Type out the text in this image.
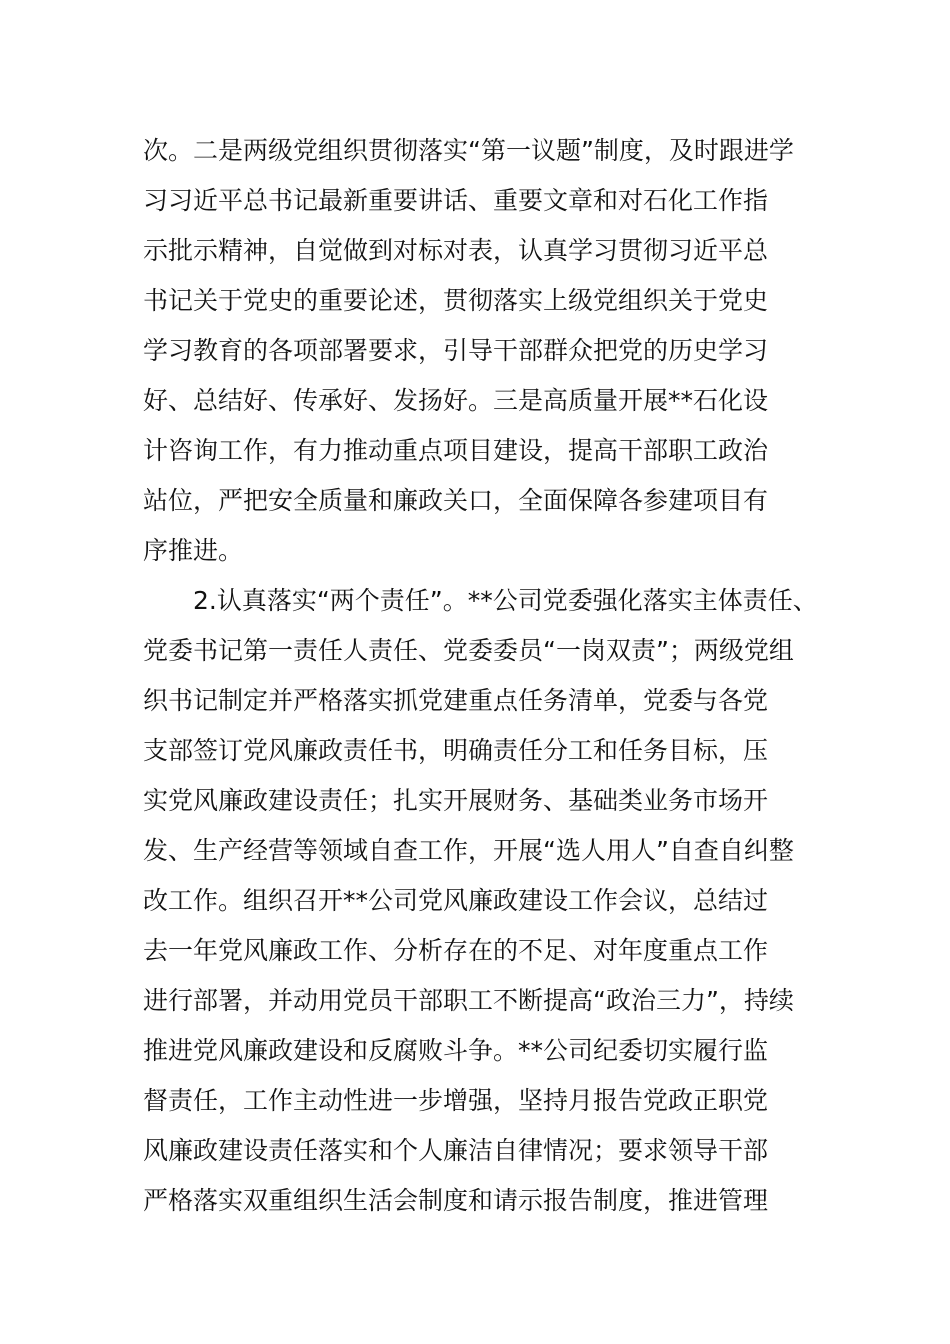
次。二是两级党组织贯彻落实“第一议题”制度，及时跟进学
习习近平总书记最新重要讲话、重要文章和对石化工作指
示批示精神，自觉做到对标对表，认真学习贯彻习近平总
书记关于党史的重要论述，贯彻落实上级党组织关于党史
学习教育的各项部署要求，引导干部群众把党的历史学习
好、总结好、传承好、发扬好。三是高质量开展**石化设
计咨询工作，有力推动重点项目建设，提高干部职工政治
站位，严把安全质量和廉政关口，全面保障各参建项目有
序推进。
　　2.认真落实“两个责任”。**公司党委强化落实主体责任、
党委书记第一责任人责任、党委委员“一岗双责”；两级党组
织书记制定并严格落实抓党建重点任务清单，党委与各党
支部签订党风廉政责任书，明确责任分工和任务目标，压
实党风廉政建设责任；扎实开展财务、基础类业务市场开
发、生产经营等领域自查工作，开展“选人用人”自查自纠整
改工作。组织召开**公司党风廉政建设工作会议，总结过
去一年党风廉政工作、分析存在的不足、对年度重点工作
进行部署，并动用党员干部职工不断提高“政治三力”，持续
推进党风廉政建设和反腐败斗争。**公司纪委切实履行监
督责任，工作主动性进一步增强，坚持月报告党政正职党
风廉政建设责任落实和个人廉洁自律情况；要求领导干部
严格落实双重组织生活会制度和请示报告制度，推进管理
